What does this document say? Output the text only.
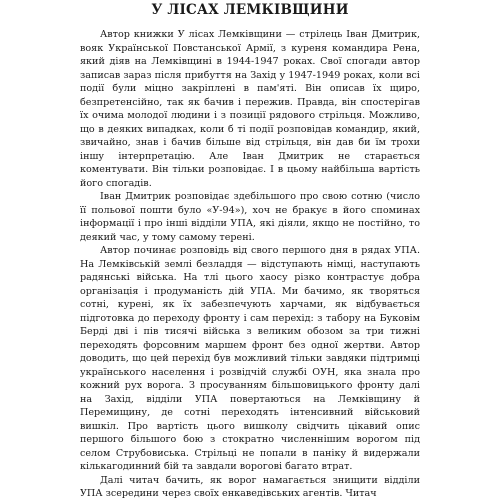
У ЛІСАХ ЛЕМКІВЩИНИ

Автор книжки У лісах Лемківщини — стрілець Іван Дмитрик, вояк Української Повстанської Армії, з куреня командира Рена, який діяв на Лемківщині в 1944-1947 роках. Свої спогади автор записав зараз після прибуття на Захід у 1947-1949 роках, коли всі події були міцно закріплені в пам'яті. Він описав їх щиро, безпретенсійно, так як бачив і пережив. Правда, він спостерігав їх очима молодої людини і з позиції рядового стрільця. Можливо, що в деяких випадках, коли б ті події розповідав командир, який, звичайно, знав і бачив більше від стрільця, він дав би їм трохи іншу інтерпретацію. Але Іван Дмитрик не старається коментувати. Він тільки розповідає. І в цьому найбільша вартість його спогадів.

Іван Дмитрик розповідає здебільшого про свою сотню (число її польової пошти було «У-94»), хоч не бракує в його споминах інформації і про інші відділи УПА, які діяли, якщо не постійно, то деякий час, у тому самому терені.

Автор починає розповідь від свого першого дня в рядах УПА. На Лемківській землі безладдя — відступають німці, наступають радянські війська. На тлі цього хаосу різко контрастує добра організація і продуманість дій УПА. Ми бачимо, як творяться сотні, курені, як їх забезпечують харчами, як відбувається підготовка до переходу фронту і сам перехід: з табору на Буковім Берді дві і пів тисячі війська з великим обозом за три тижні переходять форсовним маршем фронт без одної жертви. Автор доводить, що цей перехід був можливий тільки завдяки підтримці українського населення і розвідчій службі ОУН, яка знала про кожний рух ворога. З просуванням більшовицького фронту далі на Захід, відділи УПА повертаються на Лемківщину й Перемищину, де сотні переходять інтенсивний військовий вишкіл. Про вартість цього вишколу свідчить цікавий опис першого більшого бою з стократно численнішим ворогом під селом Струбовиська. Стрільці не попали в паніку й видержали кількагодинний бій та завдали ворогові багато втрат.

Далі читач бачить, як ворог намагається знищити відділи УПА зсередини через своїх енкаведівських агентів. Читач
